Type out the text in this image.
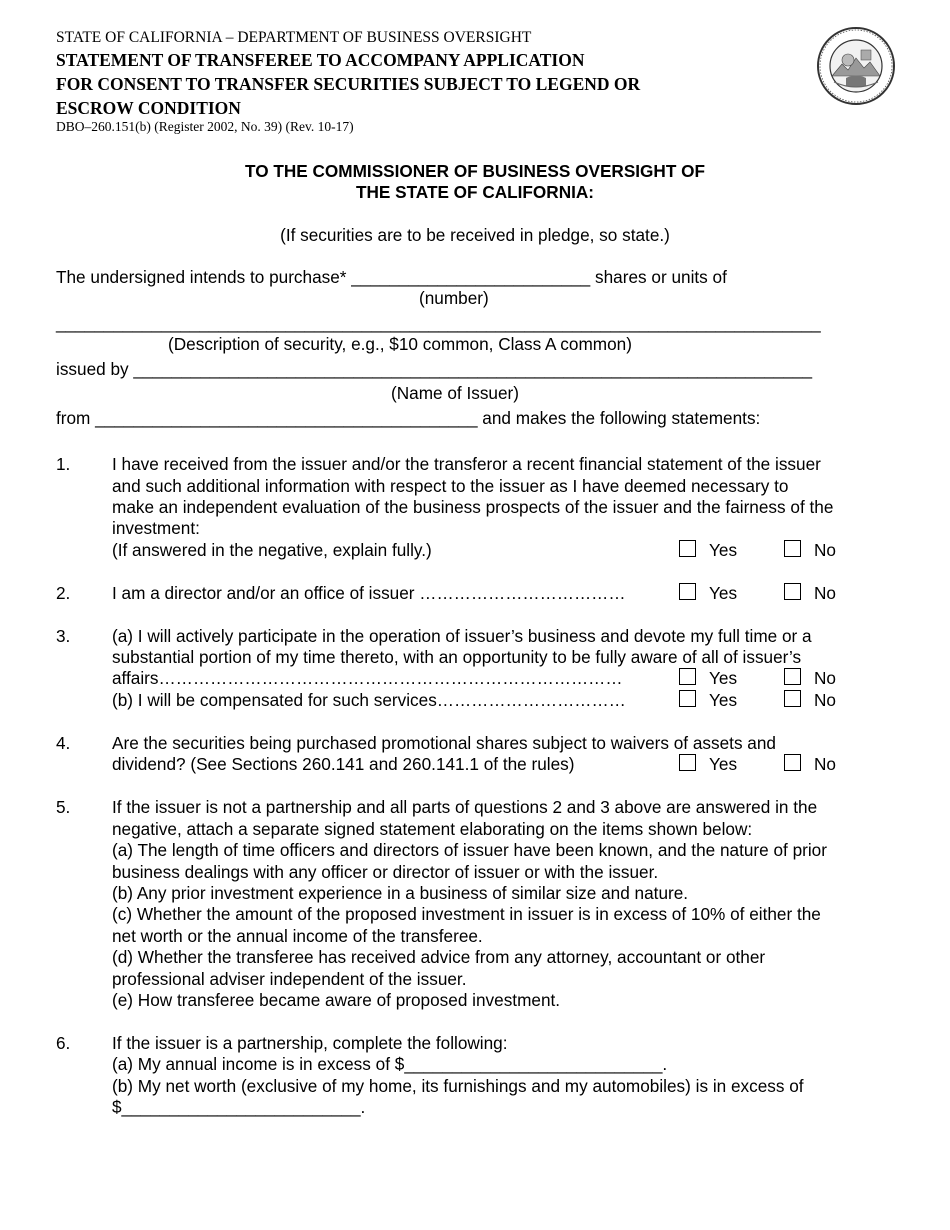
STATE OF CALIFORNIA – DEPARTMENT OF BUSINESS OVERSIGHT
STATEMENT OF TRANSFEREE TO ACCOMPANY APPLICATION
FOR CONSENT TO TRANSFER SECURITIES SUBJECT TO LEGEND OR
ESCROW CONDITION
DBO–260.151(b) (Register 2002, No. 39) (Rev. 10-17)
TO THE COMMISSIONER OF BUSINESS OVERSIGHT OF
THE STATE OF CALIFORNIA:
(If securities are to be received in pledge, so state.)
The undersigned intends to purchase* _________________________ shares or units of
(number)
________________________________________________________________________________
(Description of security, e.g., $10 common, Class A common)
issued by _______________________________________________________________________
(Name of Issuer)
from ________________________________________ and makes the following statements:
1. I have received from the issuer and/or the transferor a recent financial statement of the issuer
and such additional information with respect to the issuer as I have deemed necessary to
make an independent evaluation of the business prospects of the issuer and the fairness of the
investment:
(If answered in the negative, explain fully.)	Yes	No
2. I am a director and/or an office of issuer ………………………………	Yes	No
3. (a) I will actively participate in the operation of issuer’s business and devote my full time or a
substantial portion of my time thereto, with an opportunity to be fully aware of all of issuer’s
affairs………………………………………………………………………	Yes	No
(b) I will be compensated for such services……………………………	Yes	No
4. Are the securities being purchased promotional shares subject to waivers of assets and
dividend? (See Sections 260.141 and 260.141.1 of the rules)	Yes	No
5. If the issuer is not a partnership and all parts of questions 2 and 3 above are answered in the
negative, attach a separate signed statement elaborating on the items shown below:
(a) The length of time officers and directors of issuer have been known, and the nature of prior
business dealings with any officer or director of issuer or with the issuer.
(b) Any prior investment experience in a business of similar size and nature.
(c) Whether the amount of the proposed investment in issuer is in excess of 10% of either the
net worth or the annual income of the transferee.
(d) Whether the transferee has received advice from any attorney, accountant or other
professional adviser independent of the issuer.
(e) How transferee became aware of proposed investment.
6. If the issuer is a partnership, complete the following:
(a) My annual income is in excess of $___________________________.
(b) My net worth (exclusive of my home, its furnishings and my automobiles) is in excess of
$_________________________.
